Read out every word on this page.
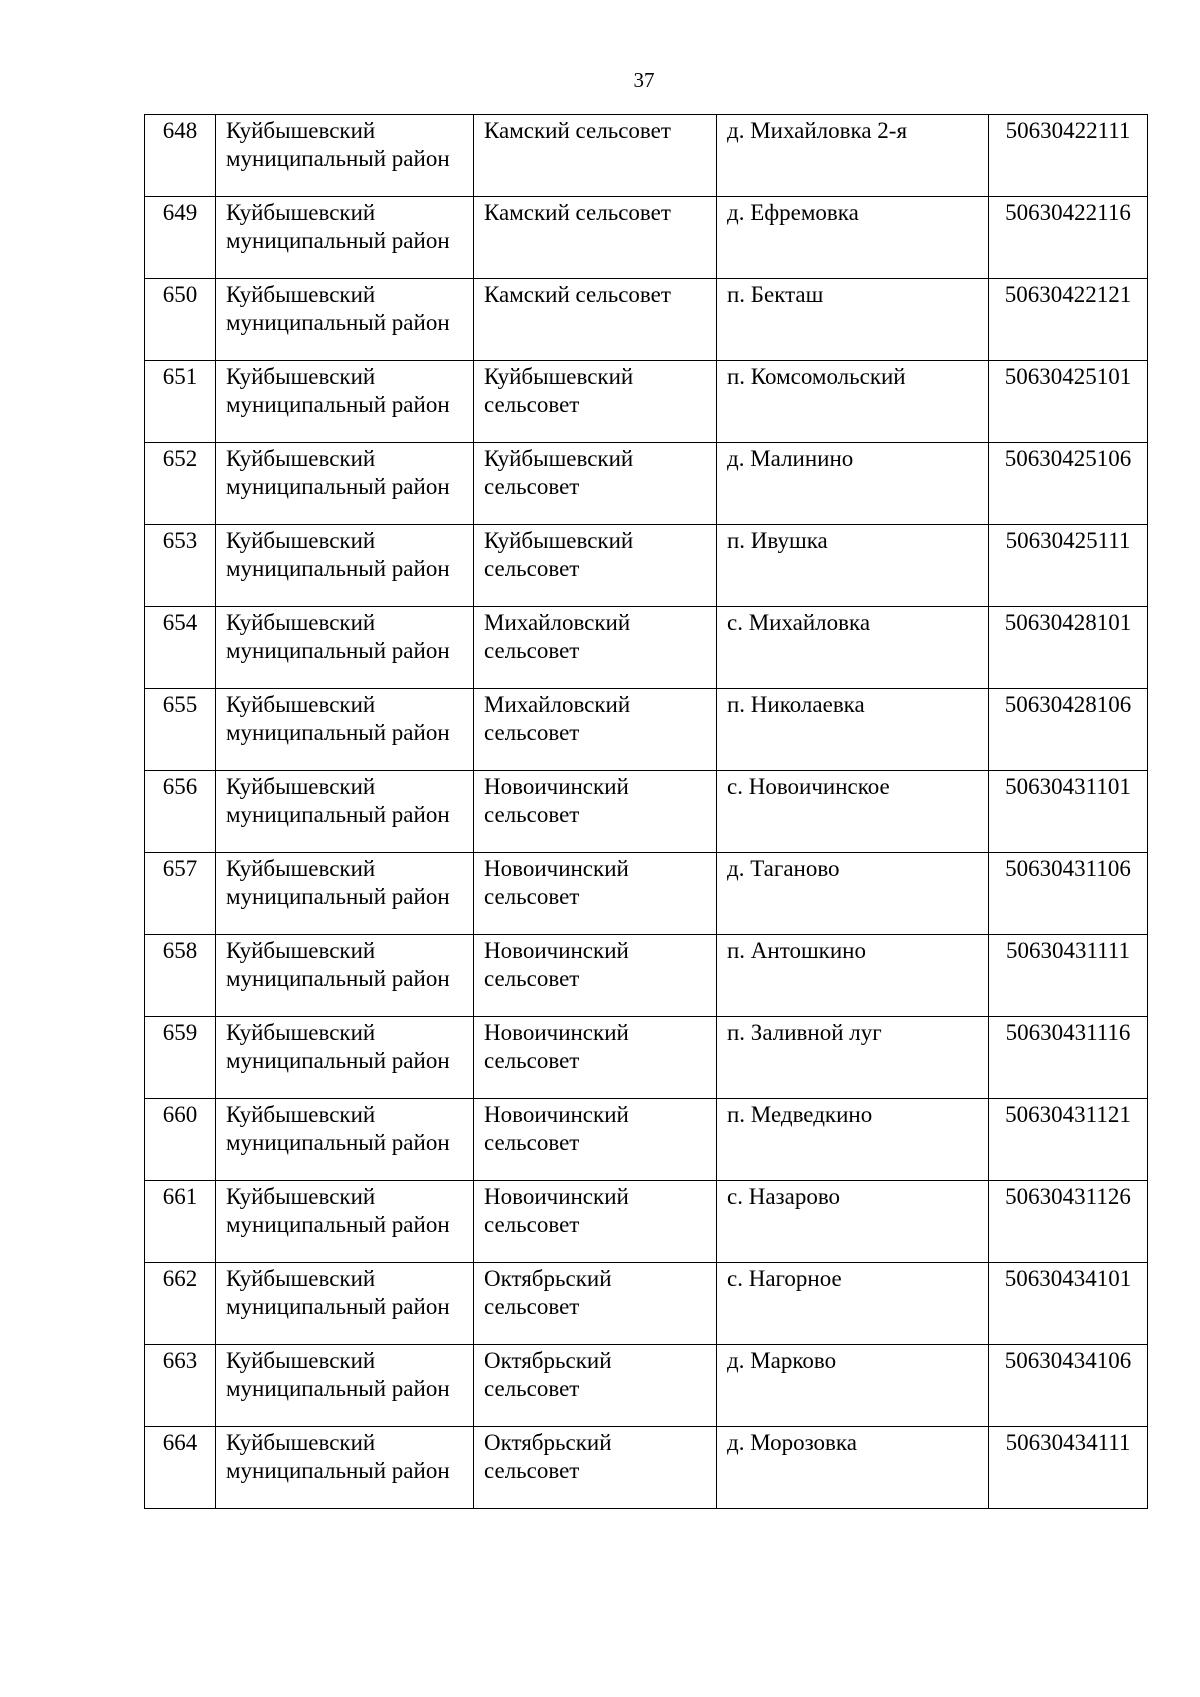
37
648	Куйбышевский муниципальный район	Камский сельсовет	д. Михайловка 2-я	50630422111
649	Куйбышевский муниципальный район	Камский сельсовет	д. Ефремовка	50630422116
650	Куйбышевский муниципальный район	Камский сельсовет	п. Бекташ	50630422121
651	Куйбышевский муниципальный район	Куйбышевский сельсовет	п. Комсомольский	50630425101
652	Куйбышевский муниципальный район	Куйбышевский сельсовет	д. Малинино	50630425106
653	Куйбышевский муниципальный район	Куйбышевский сельсовет	п. Ивушка	50630425111
654	Куйбышевский муниципальный район	Михайловский сельсовет	с. Михайловка	50630428101
655	Куйбышевский муниципальный район	Михайловский сельсовет	п. Николаевка	50630428106
656	Куйбышевский муниципальный район	Новоичинский сельсовет	с. Новоичинское	50630431101
657	Куйбышевский муниципальный район	Новоичинский сельсовет	д. Таганово	50630431106
658	Куйбышевский муниципальный район	Новоичинский сельсовет	п. Антошкино	50630431111
659	Куйбышевский муниципальный район	Новоичинский сельсовет	п. Заливной луг	50630431116
660	Куйбышевский муниципальный район	Новоичинский сельсовет	п. Медведкино	50630431121
661	Куйбышевский муниципальный район	Новоичинский сельсовет	с. Назарово	50630431126
662	Куйбышевский муниципальный район	Октябрьский сельсовет	с. Нагорное	50630434101
663	Куйбышевский муниципальный район	Октябрьский сельсовет	д. Марково	50630434106
664	Куйбышевский муниципальный район	Октябрьский сельсовет	д. Морозовка	50630434111
